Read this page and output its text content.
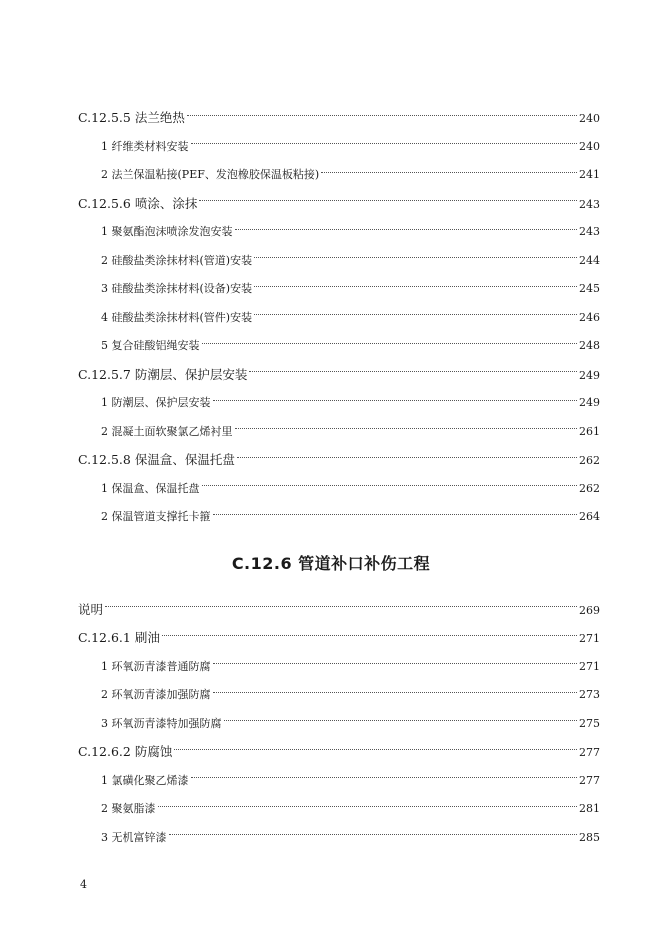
C.12.5.5 法兰绝热	240
1 纤维类材料安装	240
2 法兰保温粘接(PEF、发泡橡胶保温板粘接)	241
C.12.5.6 喷涂、涂抹	243
1 聚氨酯泡沫喷涂发泡安装	243
2 硅酸盐类涂抹材料(管道)安装	244
3 硅酸盐类涂抹材料(设备)安装	245
4 硅酸盐类涂抹材料(管件)安装	246
5 复合硅酸铝绳安装	248
C.12.5.7 防潮层、保护层安装	249
1 防潮层、保护层安装	249
2 混凝土面软聚氯乙烯衬里	261
C.12.5.8 保温盒、保温托盘	262
1 保温盒、保温托盘	262
2 保温管道支撑托卡箍	264
C.12.6 管道补口补伤工程
说明	269
C.12.6.1 刷油	271
1 环氧沥青漆普通防腐	271
2 环氧沥青漆加强防腐	273
3 环氧沥青漆特加强防腐	275
C.12.6.2 防腐蚀	277
1 氯磺化聚乙烯漆	277
2 聚氨脂漆	281
3 无机富锌漆	285
4
